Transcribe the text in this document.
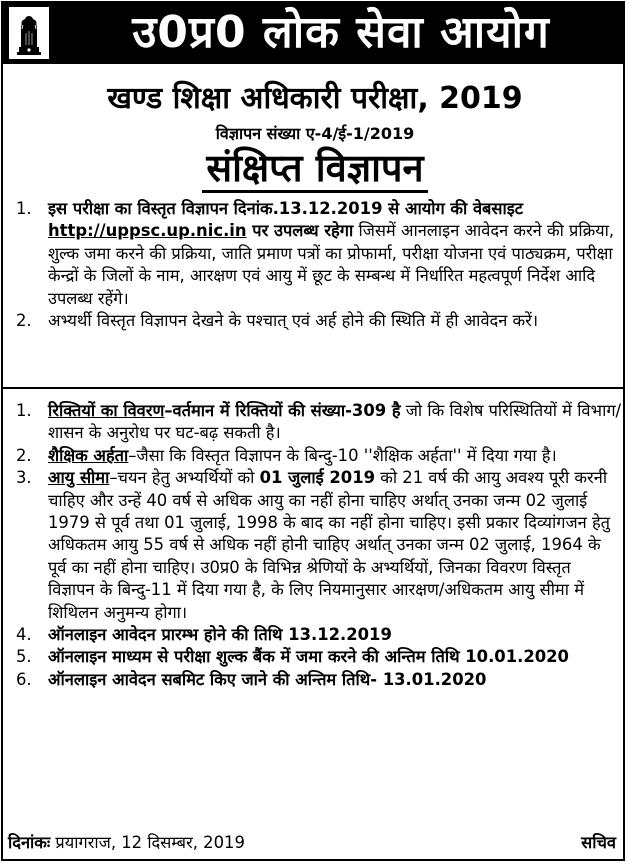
उ0प्र0 लोक सेवा आयोग
खण्ड शिक्षा अधिकारी परीक्षा, 2019
विज्ञापन संख्या ए-4/ई-1/2019
संक्षिप्त विज्ञापन
1. इस परीक्षा का विस्तृत विज्ञापन दिनांक.13.12.2019 से आयोग की वेबसाइट http://uppsc.up.nic.in पर उपलब्ध रहेगा जिसमें आनलाइन आवेदन करने की प्रक्रिया, शुल्क जमा करने की प्रक्रिया, जाति प्रमाण पत्रों का प्रोफार्मा, परीक्षा योजना एवं पाठ्यक्रम, परीक्षा केन्द्रों के जिलों के नाम, आरक्षण एवं आयु में छूट के सम्बन्ध में निर्धारित महत्वपूर्ण निर्देश आदि उपलब्ध रहेंगे।
2. अभ्यर्थी विस्तृत विज्ञापन देखने के पश्चात् एवं अर्ह होने की स्थिति में ही आवेदन करें।
1. रिक्तियों का विवरण–वर्तमान में रिक्तियों की संख्या-309 है जो कि विशेष परिस्थितियों में विभाग/शासन के अनुरोध पर घट-बढ़ सकती है।
2. शैक्षिक अर्हता–जैसा कि विस्तृत विज्ञापन के बिन्दु-10 ''शैक्षिक अर्हता'' में दिया गया है।
3. आयु सीमा–चयन हेतु अभ्यर्थियों को 01 जुलाई 2019 को 21 वर्ष की आयु अवश्य पूरी करनी चाहिए और उन्हें 40 वर्ष से अधिक आयु का नहीं होना चाहिए अर्थात् उनका जन्म 02 जुलाई 1979 से पूर्व तथा 01 जुलाई, 1998 के बाद का नहीं होना चाहिए। इसी प्रकार दिव्यांगजन हेतु अधिकतम आयु 55 वर्ष से अधिक नहीं होनी चाहिए अर्थात् उनका जन्म 02 जुलाई, 1964 के पूर्व का नहीं होना चाहिए। उ0प्र0 के विभिन्न श्रेणियों के अभ्यर्थियों, जिनका विवरण विस्तृत विज्ञापन के बिन्दु-11 में दिया गया है, के लिए नियमानुसार आरक्षण/अधिकतम आयु सीमा में शिथिलन अनुमन्य होगा।
4. ऑनलाइन आवेदन प्रारम्भ होने की तिथि 13.12.2019
5. ऑनलाइन माध्यम से परीक्षा शुल्क बैंक में जमा करने की अन्तिम तिथि 10.01.2020
6. ऑनलाइन आवेदन सबमिट किए जाने की अन्तिम तिथि- 13.01.2020
दिनांकः प्रयागराज, 12 दिसम्बर, 2019	सचिव
